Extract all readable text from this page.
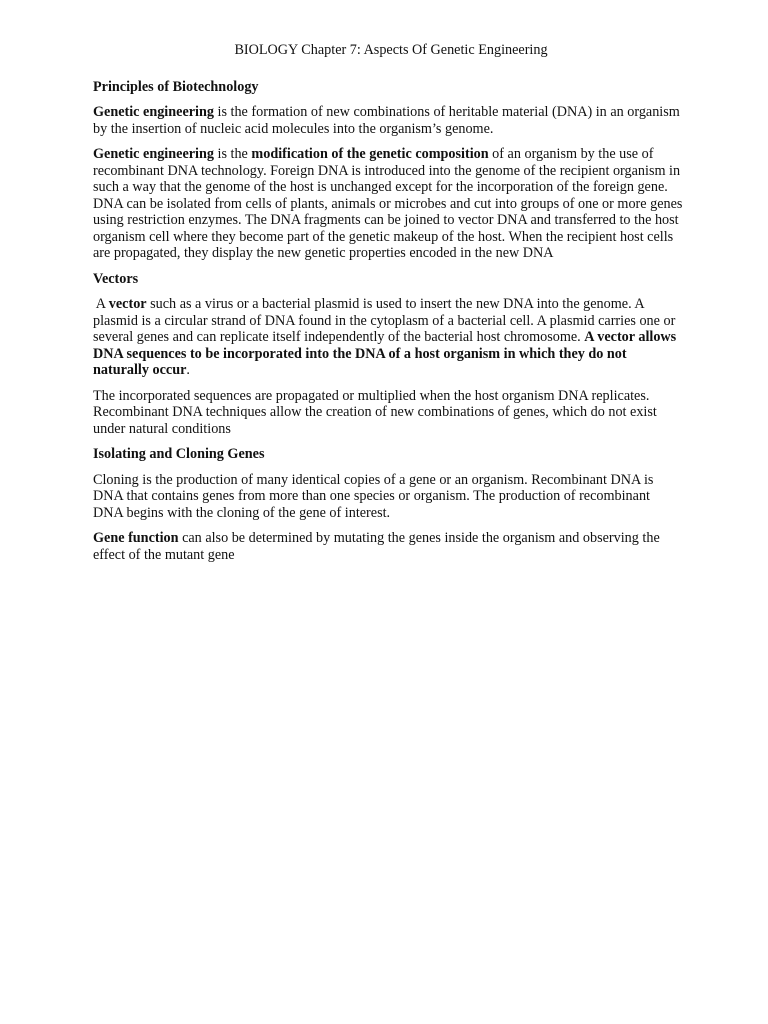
BIOLOGY Chapter 7: Aspects Of Genetic Engineering
Principles of Biotechnology

Genetic engineering is the formation of new combinations of heritable material (DNA) in an organism by the insertion of nucleic acid molecules into the organism’s genome.

Genetic engineering is the modification of the genetic composition of an organism by the use of recombinant DNA technology. Foreign DNA is introduced into the genome of the recipient organism in such a way that the genome of the host is unchanged except for the incorporation of the foreign gene. DNA can be isolated from cells of plants, animals or microbes and cut into groups of one or more genes using restriction enzymes. The DNA fragments can be joined to vector DNA and transferred to the host organism cell where they become part of the genetic makeup of the host. When the recipient host cells are propagated, they display the new genetic properties encoded in the new DNA

Vectors

A vector such as a virus or a bacterial plasmid is used to insert the new DNA into the genome. A plasmid is a circular strand of DNA found in the cytoplasm of a bacterial cell. A plasmid carries one or several genes and can replicate itself independently of the bacterial host chromosome. A vector allows DNA sequences to be incorporated into the DNA of a host organism in which they do not naturally occur.

The incorporated sequences are propagated or multiplied when the host organism DNA replicates. Recombinant DNA techniques allow the creation of new combinations of genes, which do not exist under natural conditions

Isolating and Cloning Genes

Cloning is the production of many identical copies of a gene or an organism. Recombinant DNA is DNA that contains genes from more than one species or organism. The production of recombinant DNA begins with the cloning of the gene of interest.

Gene function can also be determined by mutating the genes inside the organism and observing the effect of the mutant gene
